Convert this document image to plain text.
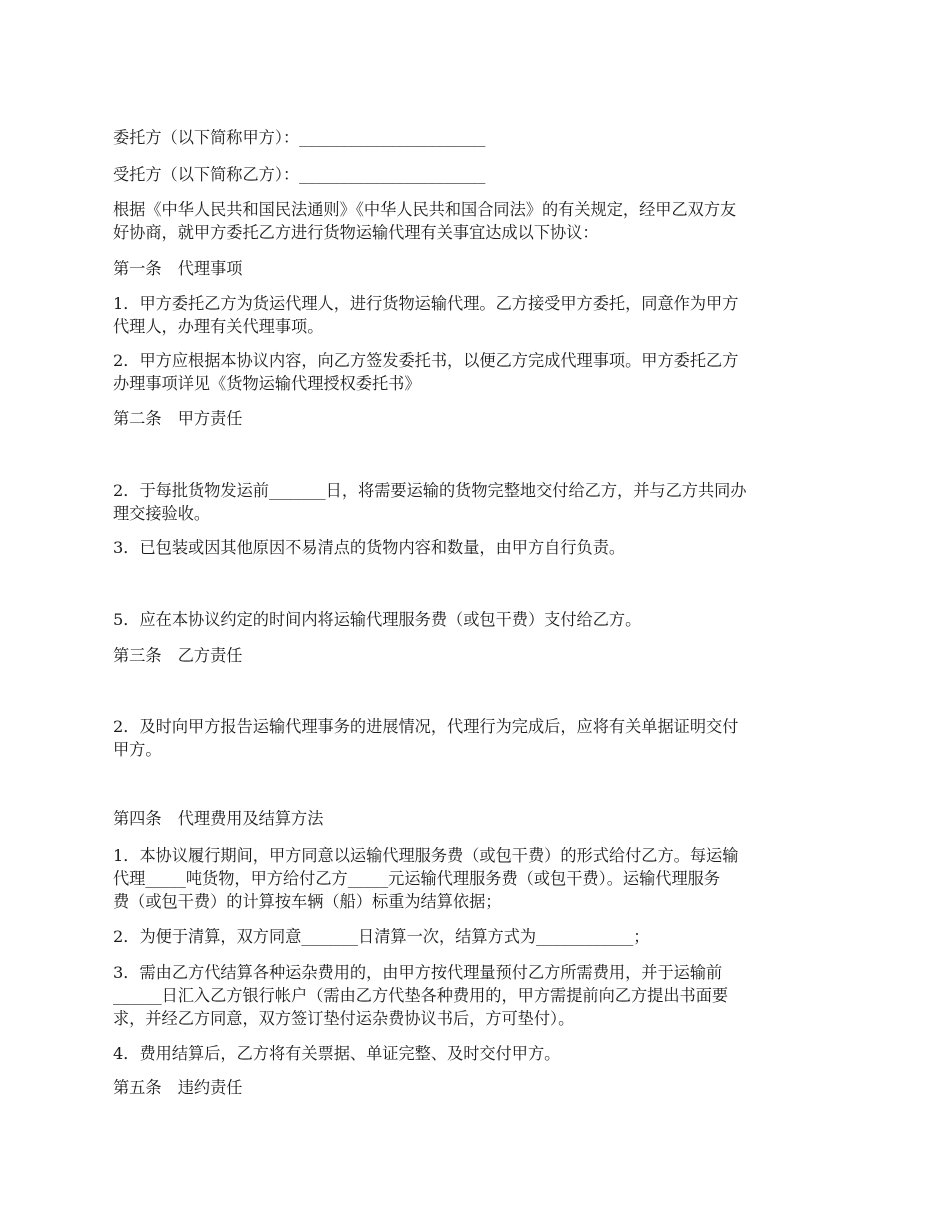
委托方（以下简称甲方）：_______________________
受托方（以下简称乙方）：_______________________
根据《中华人民共和国民法通则》《中华人民共和国合同法》的有关规定，经甲乙双方友
好协商，就甲方委托乙方进行货物运输代理有关事宜达成以下协议：
第一条　代理事项
1．甲方委托乙方为货运代理人，进行货物运输代理。乙方接受甲方委托，同意作为甲方
代理人，办理有关代理事项。
2．甲方应根据本协议内容，向乙方签发委托书，以便乙方完成代理事项。甲方委托乙方
办理事项详见《货物运输代理授权委托书》
第二条　甲方责任
2．于每批货物发运前_______日，将需要运输的货物完整地交付给乙方，并与乙方共同办
理交接验收。
3．已包装或因其他原因不易清点的货物内容和数量，由甲方自行负责。
5．应在本协议约定的时间内将运输代理服务费（或包干费）支付给乙方。
第三条　乙方责任
2．及时向甲方报告运输代理事务的进展情况，代理行为完成后，应将有关单据证明交付
甲方。
第四条　代理费用及结算方法
1．本协议履行期间，甲方同意以运输代理服务费（或包干费）的形式给付乙方。每运输
代理_____吨货物，甲方给付乙方_____元运输代理服务费（或包干费）。运输代理服务
费（或包干费）的计算按车辆（船）标重为结算依据；
2．为便于清算，双方同意_______日清算一次，结算方式为____________；
3．需由乙方代结算各种运杂费用的，由甲方按代理量预付乙方所需费用，并于运输前
______日汇入乙方银行帐户（需由乙方代垫各种费用的，甲方需提前向乙方提出书面要
求，并经乙方同意，双方签订垫付运杂费协议书后，方可垫付）。
4．费用结算后，乙方将有关票据、单证完整、及时交付甲方。
第五条　违约责任
